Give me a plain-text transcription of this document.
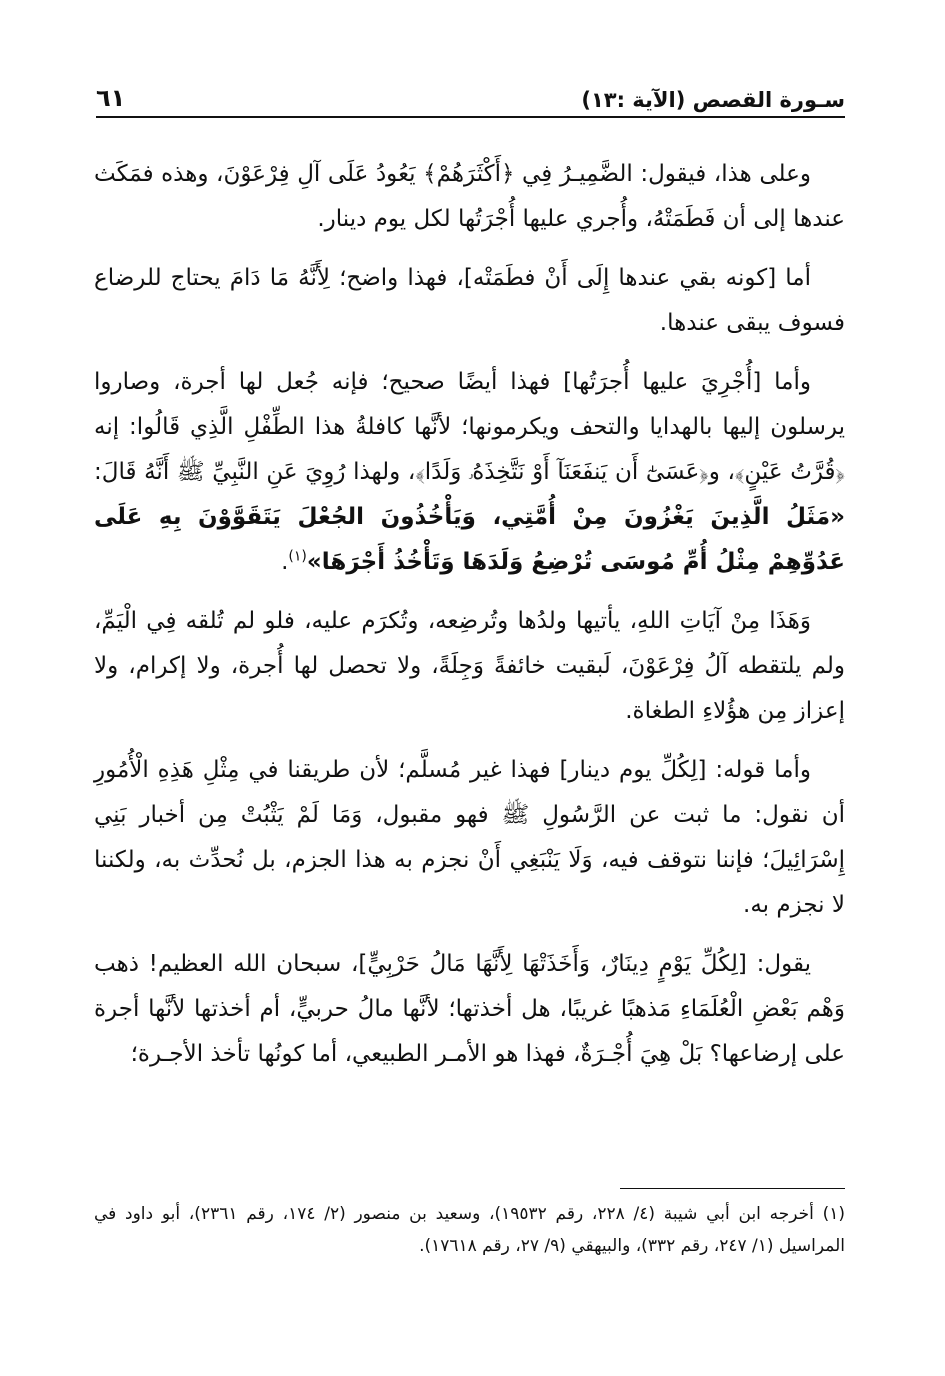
سـورة القصص (الآية :١٣)
٦١

وعلى هذا، فيقول: الضَّمِيـرُ فِي ﴿أَكْثَرَهُمْ﴾ يَعُودُ عَلَى آلِ فِرْعَوْنَ، وهذه فمَكَث عندها إلى أن فَطَمَتْهُ، وأُجري عليها أُجْرَتُها لكل يوم دينار.

أما [كونه بقي عندها إِلَى أَنْ فطَمَتْه]، فهذا واضح؛ لِأَنَّهُ مَا دَامَ يحتاج للرضاع فسوف يبقى عندها.

وأما [أُجْرِيَ عليها أُجرَتُها] فهذا أيضًا صحيح؛ فإنه جُعل لها أجرة، وصاروا يرسلون إليها بالهدايا والتحف ويكرمونها؛ لأنَّها كافلةُ هذا الطِّفْلِ الَّذِي قَالُوا: إنه ﴿قُرَّتُ عَيْنٍ﴾، و﴿عَسَىٰٓ أَن يَنفَعَنَآ أَوْ نَتَّخِذَهُۥ وَلَدًا﴾، ولهذا رُوِيَ عَنِ النَّبِيِّ ﷺ أَنَّهُ قَالَ: «مَثَلُ الَّذِينَ يَغْزُونَ مِنْ أُمَّتِي، وَيَأْخُذُونَ الجُعْلَ يَتَقَوَّوْنَ بِهِ عَلَى عَدُوِّهِمْ مِثْلُ أُمِّ مُوسَى تُرْضِعُ وَلَدَهَا وَتَأْخُذُ أَجْرَهَا»$^{(١)}$.

وَهَذَا مِنْ آيَاتِ اللهِ، يأتيها ولدُها وتُرضِعه، وتُكرَم عليه، فلو لم تُلقه فِي الْيَمِّ، ولم يلتقطه آلُ فِرْعَوْنَ، لَبقيت خائفةً وَجِلَةً، ولا تحصل لها أُجرة، ولا إكرام، ولا إعزاز مِن هؤُلاءِ الطغاة.

وأما قوله: [لِكُلِّ يوم دينار] فهذا غير مُسلَّم؛ لأن طريقنا في مِثْلِ هَذِهِ الْأُمُورِ أن نقول: ما ثبت عن الرَّسُولِ ﷺ فهو مقبول، وَمَا لَمْ يَثْبُتْ مِن أخبار بَنِي إِسْرَائِيلَ؛ فإننا نتوقف فيه، وَلَا يَنْبَغِي أَنْ نجزم به هذا الجزم، بل نُحدِّث به، ولكننا لا نجزم به.

يقول: [لِكُلِّ يَوْمٍ دِينَارٌ، وَأَخَذَتْهَا لِأَنَّهَا مَالُ حَرْبِيٍّ]، سبحان الله العظيم! ذهب وَهْم بَعْضِ الْعُلَمَاءِ مَذهبًا غريبًا، هل أخذتها؛ لأنَّها مالُ حربيٍّ، أم أخذتها لأنَّها أجرة على إرضاعها؟ بَلْ هِيَ أُجْـرَةٌ، فهذا هو الأمـر الطبيعي، أما كونُها تأخذ الأجـرة؛

(١) أخرجه ابن أبي شيبة (٤/ ٢٢٨، رقم ١٩٥٣٢)، وسعيد بن منصور (٢/ ١٧٤، رقم ٢٣٦١)، أبو داود في المراسيل (١/ ٢٤٧، رقم ٣٣٢)، والبيهقي (٩/ ٢٧، رقم ١٧٦١٨).
